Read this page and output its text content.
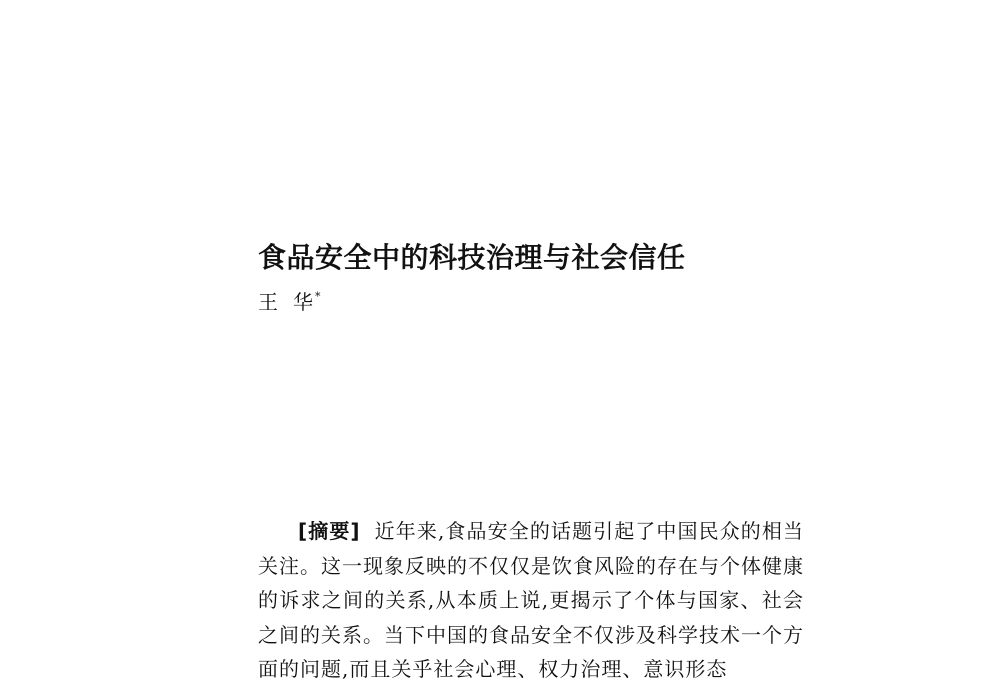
食品安全中的科技治理与社会信任
王 华*

[摘要] 近年来,食品安全的话题引起了中国民众的相当关注。这一现象反映的不仅仅是饮食风险的存在与个体健康的诉求之间的关系,从本质上说,更揭示了个体与国家、社会之间的关系。当下中国的食品安全不仅涉及科学技术一个方面的问题,而且关乎社会心理、权力治理、意识形态
